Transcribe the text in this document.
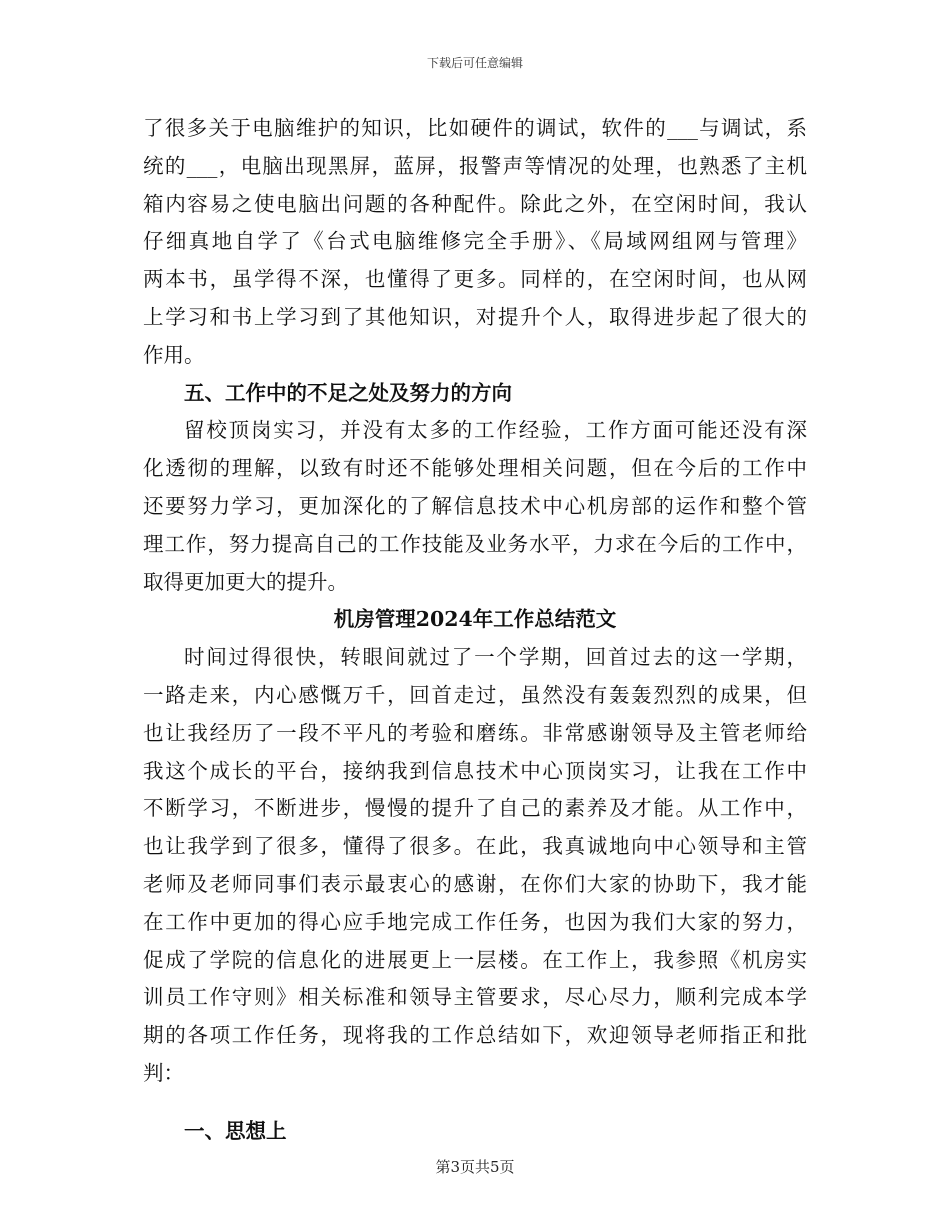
下载后可任意编辑
了很多关于电脑维护的知识，比如硬件的调试，软件的___与调试，系
统的___，电脑出现黑屏，蓝屏，报警声等情况的处理，也熟悉了主机
箱内容易之使电脑出问题的各种配件。除此之外，在空闲时间，我认
仔细真地自学了《台式电脑维修完全手册》、《局域网组网与管理》
两本书，虽学得不深，也懂得了更多。同样的，在空闲时间，也从网
上学习和书上学习到了其他知识，对提升个人，取得进步起了很大的
作用。
五、工作中的不足之处及努力的方向
留校顶岗实习，并没有太多的工作经验，工作方面可能还没有深
化透彻的理解，以致有时还不能够处理相关问题，但在今后的工作中
还要努力学习，更加深化的了解信息技术中心机房部的运作和整个管
理工作，努力提高自己的工作技能及业务水平，力求在今后的工作中，
取得更加更大的提升。
机房管理2024年工作总结范文
时间过得很快，转眼间就过了一个学期，回首过去的这一学期，
一路走来，内心感慨万千，回首走过，虽然没有轰轰烈烈的成果，但
也让我经历了一段不平凡的考验和磨练。非常感谢领导及主管老师给
我这个成长的平台，接纳我到信息技术中心顶岗实习，让我在工作中
不断学习，不断进步，慢慢的提升了自己的素养及才能。从工作中，
也让我学到了很多，懂得了很多。在此，我真诚地向中心领导和主管
老师及老师同事们表示最衷心的感谢，在你们大家的协助下，我才能
在工作中更加的得心应手地完成工作任务，也因为我们大家的努力，
促成了学院的信息化的进展更上一层楼。在工作上，我参照《机房实
训员工作守则》相关标准和领导主管要求，尽心尽力，顺利完成本学
期的各项工作任务，现将我的工作总结如下，欢迎领导老师指正和批
判：
一、思想上
第3页共5页
